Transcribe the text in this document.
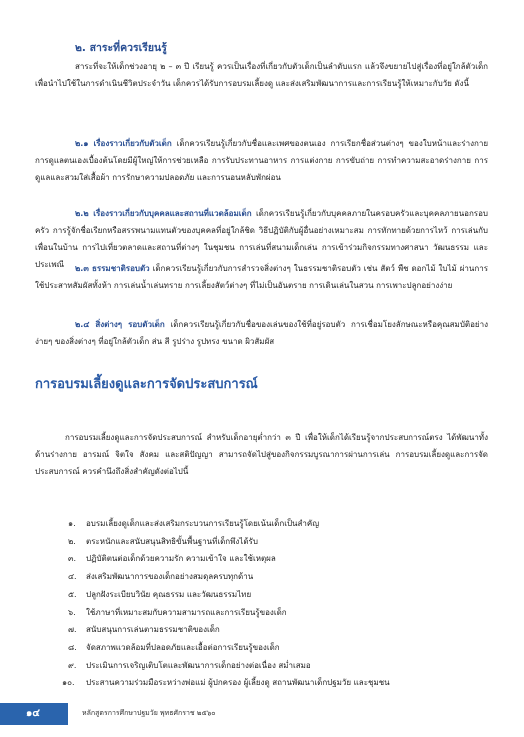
๒. สาระที่ควรเรียนรู้

สาระที่จะให้เด็กช่วงอายุ ๒ – ๓ ปี เรียนรู้ ควรเป็นเรื่องที่เกี่ยวกับตัวเด็กเป็นลำดับแรก แล้วจึงขยายไปสู่เรื่องที่อยู่ใกล้ตัวเด็กเพื่อนำไปใช้ในการดำเนินชีวิตประจำวัน เด็กควรได้รับการอบรมเลี้ยงดู และส่งเสริมพัฒนาการและการเรียนรู้ให้เหมาะกับวัย ดังนี้

๒.๑ เรื่องราวเกี่ยวกับตัวเด็ก เด็กควรเรียนรู้เกี่ยวกับชื่อและเพศของตนเอง การเรียกชื่อส่วนต่างๆ ของใบหน้าและร่างกาย การดูแลตนเองเบื้องต้นโดยมีผู้ใหญ่ให้การช่วยเหลือ การรับประทานอาหาร การแต่งกาย การขับถ่าย การทำความสะอาดร่างกาย การดูแลและสวมใส่เสื้อผ้า การรักษาความปลอดภัย และการนอนหลับพักผ่อน

๒.๒ เรื่องราวเกี่ยวกับบุคคลและสถานที่แวดล้อมเด็ก เด็กควรเรียนรู้เกี่ยวกับบุคคลภายในครอบครัวและบุคคลภายนอกรอบครัว การรู้จักชื่อเรียกหรือสรรพนามแทนตัวของบุคคลที่อยู่ใกล้ชิด วิธีปฏิบัติกับผู้อื่นอย่างเหมาะสม การทักทายด้วยการไหว้ การเล่นกับเพื่อนในบ้าน การไปเที่ยวตลาดและสถานที่ต่างๆ ในชุมชน การเล่นที่สนามเด็กเล่น การเข้าร่วมกิจกรรมทางศาสนา วัฒนธรรม และประเพณี	๒.๓ ธรรมชาติรอบตัว เด็กควรเรียนรู้เกี่ยวกับการสำรวจสิ่งต่างๆ ในธรรมชาติรอบตัว เช่น สัตว์ พืช ดอกไม้ ใบไม้ ผ่านการใช้ประสาทสัมผัสทั้งห้า การเล่นน้ำเล่นทราย การเลี้ยงสัตว์ต่างๆ ที่ไม่เป็นอันตราย การเดินเล่นในสวน การเพาะปลูกอย่างง่าย

๒.๔ สิ่งต่างๆ รอบตัวเด็ก เด็กควรเรียนรู้เกี่ยวกับชื่อของเล่นของใช้ที่อยู่รอบตัว การเชื่อมโยงลักษณะหรือคุณสมบัติอย่างง่ายๆ ของสิ่งต่างๆ ที่อยู่ใกล้ตัวเด็ก ส่น สี รูปร่าง รูปทรง ขนาด ผิวสัมผัส

การอบรมเลี้ยงดูและการจัดประสบการณ์

การอบรมเลี้ยงดูและการจัดประสบการณ์ สำหรับเด็กอายุต่ำกว่า ๓ ปี เพื่อให้เด็กได้เรียนรู้จากประสบการณ์ตรง ได้พัฒนาทั้งด้านร่างกาย อารมณ์ จิตใจ สังคม และสติปัญญา สามารถจัดไปสู่ของกิจกรรมบูรณาการผ่านการเล่น การอบรมเลี้ยงดูและการจัดประสบการณ์ ควรคำนึงถึงสิ่งสำคัญดังต่อไปนี้

๑.	อบรมเลี้ยงดูเด็กและส่งเสริมกระบวนการเรียนรู้โดยเน้นเด็กเป็นสำคัญ
๒.	ตระหนักและสนับสนุนสิทธิขั้นพื้นฐานที่เด็กพึงได้รับ
๓.	ปฏิบัติตนต่อเด็กด้วยความรัก ความเข้าใจ และใช้เหตุผล
๔.	ส่งเสริมพัฒนาการของเด็กอย่างสมดุลครบทุกด้าน
๕.	ปลูกฝังระเบียบวินัย คุณธรรม และวัฒนธรรมไทย
๖.	ใช้ภาษาที่เหมาะสมกับความสามารถและการเรียนรู้ของเด็ก
๗.	สนับสนุนการเล่นตามธรรมชาติของเด็ก
๘.	จัดสภาพแวดล้อมที่ปลอดภัยและเอื้อต่อการเรียนรู้ของเด็ก
๙.	ประเมินการเจริญเติบโตและพัฒนาการเด็กอย่างต่อเนื่อง สม่ำเสมอ
๑๐.	ประสานความร่วมมือระหว่างพ่อแม่ ผู้ปกครอง ผู้เลี้ยงดู สถานพัฒนาเด็กปฐมวัย และชุมชน
๑๔	หลักสูตรการศึกษาปฐมวัย พุทธศักราช ๒๕๖๐
